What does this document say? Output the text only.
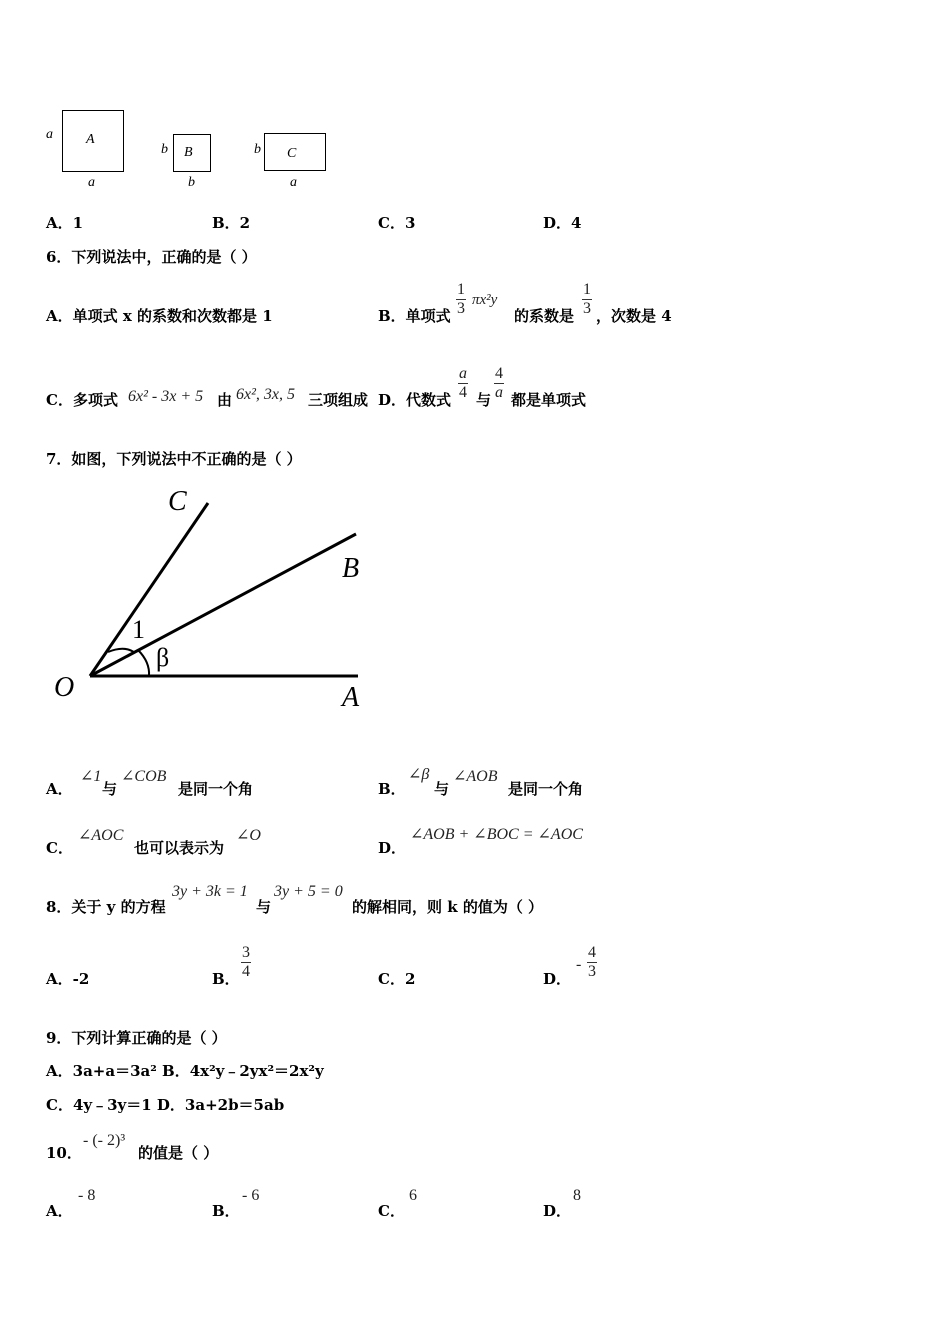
A
a
a
B
b
b
C
b
a
A．1	B．2	C．3	D．4
6．下列说法中，正确的是（ ）
A．单项式 x 的系数和次数都是 1	B．单项式
1
3 πx²y
的系数是
1
3 ，次数是 4
C．多项式 6x² - 3x + 5 由 6x², 3x, 5 三项组成 D．代数式
a
4 与
4
a 都是单项式
7．如图，下列说法中不正确的是（ ）
C
B
O	A
1
β
A．
∠1
与
∠COB
是同一个角	B．
∠β
与
∠AOB
是同一个角
C．
∠AOC
也可以表示为
∠O
D．
∠AOB + ∠BOC = ∠AOC
8．关于 y 的方程
3y + 3k = 1
与
3y + 5 = 0
的解相同，则 k 的值为（ ）
A．-2	B．
3
4	C．2	D．
-
4
3
9．下列计算正确的是（ ）
A．3a+a＝3a² B．4x²y﹣2yx²＝2x²y
C．4y﹣3y＝1 D．3a+2b＝5ab
10．
- (- 2)³
的值是（ ）
A．
- 8
B．
- 6
C．
6
D．
8
